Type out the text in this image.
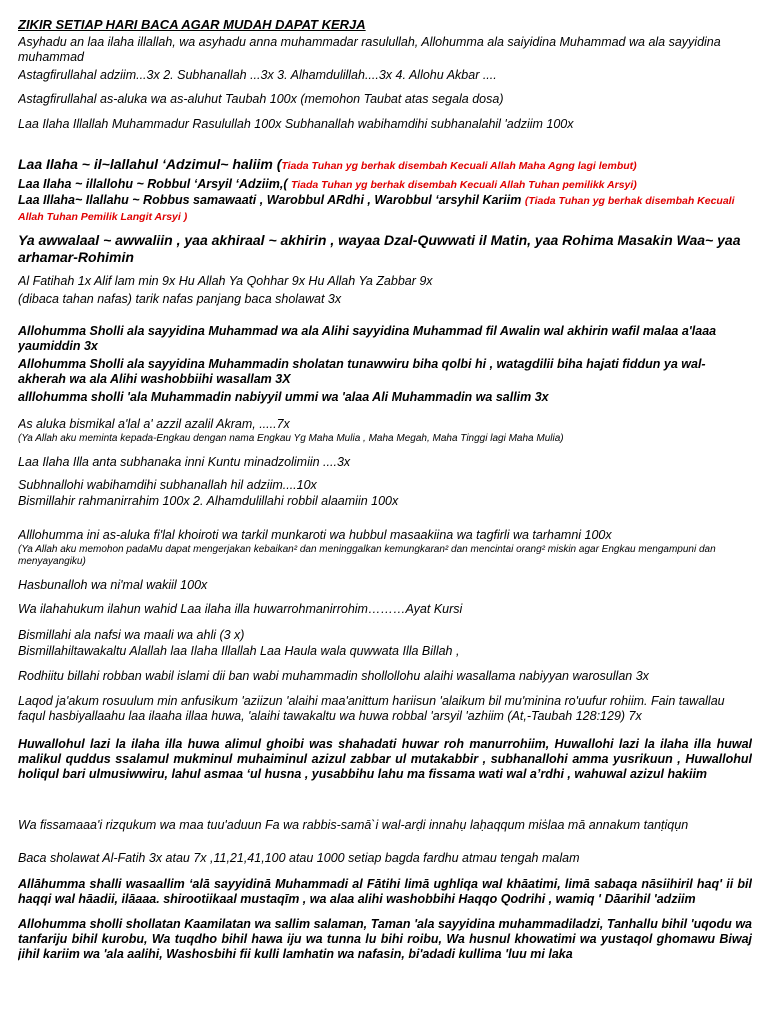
ZIKIR SETIAP HARI BACA AGAR MUDAH DAPAT KERJA
Asyhadu an laa ilaha illallah, wa asyhadu anna muhammadar rasulullah, Allohumma ala saiyidina Muhammad wa ala sayyidina muhammad
Astagfirullahal adziim...3x 2. Subhanallah ...3x 3. Alhamdulillah....3x 4. Allohu Akbar ....
Astagfirullahal as-aluka wa as-aluhut Taubah 100x (memohon Taubat atas segala dosa)
Laa Ilaha Illallah Muhammadur Rasulullah 100x Subhanallah wabihamdihi subhanalahil 'adziim 100x
Laa Ilaha ~ il~lallahul ‘Adzimul~ haliim (Tiada Tuhan yg berhak disembah Kecuali Allah Maha Agng lagi lembut)
Laa Ilaha ~ illallohu ~ Robbul ‘Arsyil ‘Adziim,( Tiada Tuhan yg berhak disembah Kecuali Allah Tuhan pemilikk Arsyi)
Laa Illaha~ Ilallahu ~ Robbus samawaati , Warobbul ARdhi , Warobbul ‘arsyhil Kariim (Tiada Tuhan yg berhak disembah Kecuali Allah Tuhan Pemilik Langit Arsyi )
Ya awwalaal ~ awwaliin , yaa akhiraal ~ akhirin , wayaa Dzal-Quwwati il Matin, yaa Rohima Masakin Waa~ yaa arhamar-Rohimin
Al Fatihah 1x Alif lam min 9x Hu Allah Ya Qohhar 9x Hu Allah Ya Zabbar 9x
(dibaca tahan nafas) tarik nafas panjang baca sholawat 3x
Allohumma Sholli ala sayyidina Muhammad wa ala Alihi sayyidina Muhammad fil Awalin wal akhirin wafil malaa a'laaa yaumiddin 3x
Allohumma Sholli ala sayyidina Muhammadin sholatan tunawwiru biha qolbi hi , watagdilii biha hajati fiddun ya wal-akherah wa ala Alihi washobbiihi wasallam 3X
alllohumma sholli 'ala Muhammadin nabiyyil ummi wa 'alaa Ali Muhammadin wa sallim 3x
As aluka bismikal a'lal a' azzil azalil Akram, .....7x
(Ya Allah aku meminta kepada-Engkau dengan nama Engkau Yg Maha Mulia , Maha Megah, Maha Tinggi lagi Maha Mulia)
Laa Ilaha Illa anta subhanaka inni Kuntu minadzolimiin ....3x
Subhnallohi wabihamdihi subhanallah hil adziim....10x
Bismillahir rahmanirrahim 100x 2. Alhamdulillahi robbil alaamiin 100x
Alllohumma ini as-aluka fi'lal khoiroti wa tarkil munkaroti wa hubbul masaakiina wa tagfirli wa tarhamni 100x
(Ya Allah aku memohon padaMu dapat mengerjakan kebaikan² dan meninggalkan kemungkaran² dan mencintai orang² miskin agar Engkau mengampuni dan menyayangiku)
Hasbunalloh wa ni'mal wakiil 100x
Wa ilahahukum ilahun wahid Laa ilaha illa huwarrohmanirrohim………Ayat Kursi
Bismillahi ala nafsi wa maali wa ahli (3 x)
Bismillahiltawakaltu Alallah laa Ilaha Illallah Laa Haula wala quwwata Illa Billah ,
Rodhiitu billahi robban wabil islami dii ban wabi muhammadin shollollohu alaihi wasallama nabiyyan warosullan 3x
Laqod ja'akum rosuulum min anfusikum 'aziizun 'alaihi maa'anittum hariisun 'alaikum bil mu'minina ro'uufur rohiim. Fain tawallau faqul hasbiyallaahu laa ilaaha illaa huwa, 'alaihi tawakaltu wa huwa robbal 'arsyil 'azhiim (At,-Taubah 128:129) 7x
Huwallohul lazi la ilaha illa huwa alimul ghoibi was shahadati huwar roh manurrohiim, Huwallohi lazi la ilaha illa huwal malikul quddus ssalamul mukminul muhaiminul azizul zabbar ul mutakabbir , subhanallohi amma yusrikuun , Huwallohul holiqul bari ulmusiwwiru, lahul asmaa ‘ul husna , yusabbihu lahu ma fissama wati wal a’rdhi , wahuwal azizul hakiim
Wa fissamaaa'i rizqukum wa maa tuu'aduun Fa wa rabbis-samā`i wal-arḍi innahụ laḥaqqum miṡlaa mā annakum tanṭiqụn
Baca sholawat Al-Fatih 3x atau 7x ,11,21,41,100 atau 1000 setiap bagda fardhu atmau tengah malam
Allāhumma shalli wasaallim ‘alā sayyidinā Muhammadi al Fātihi limā ughliqa wal khāatimi, limā sabaqa nāsiihiril haq' ii bil haqqi wal hāadii, ilāaaa. shirootiikaal mustaqīm , wa alaa alihi washobbihi Haqqo Qodrihi , wamiq ' Dāarihil 'adziim
Allohumma sholli shollatan Kaamilatan wa sallim salaman, Taman 'ala sayyidina muhammadiladzi, Tanhallu bihil 'uqodu wa tanfariju bihil kurobu, Wa tuqdho bihil hawa iju wa tunna lu bihi roibu, Wa husnul khowatimi wa yustaqol ghomawu Biwaj jihil kariim wa 'ala aalihi, Washosbihi fii kulli lamhatin wa nafasin, bi'adadi kullima 'luu mi laka
